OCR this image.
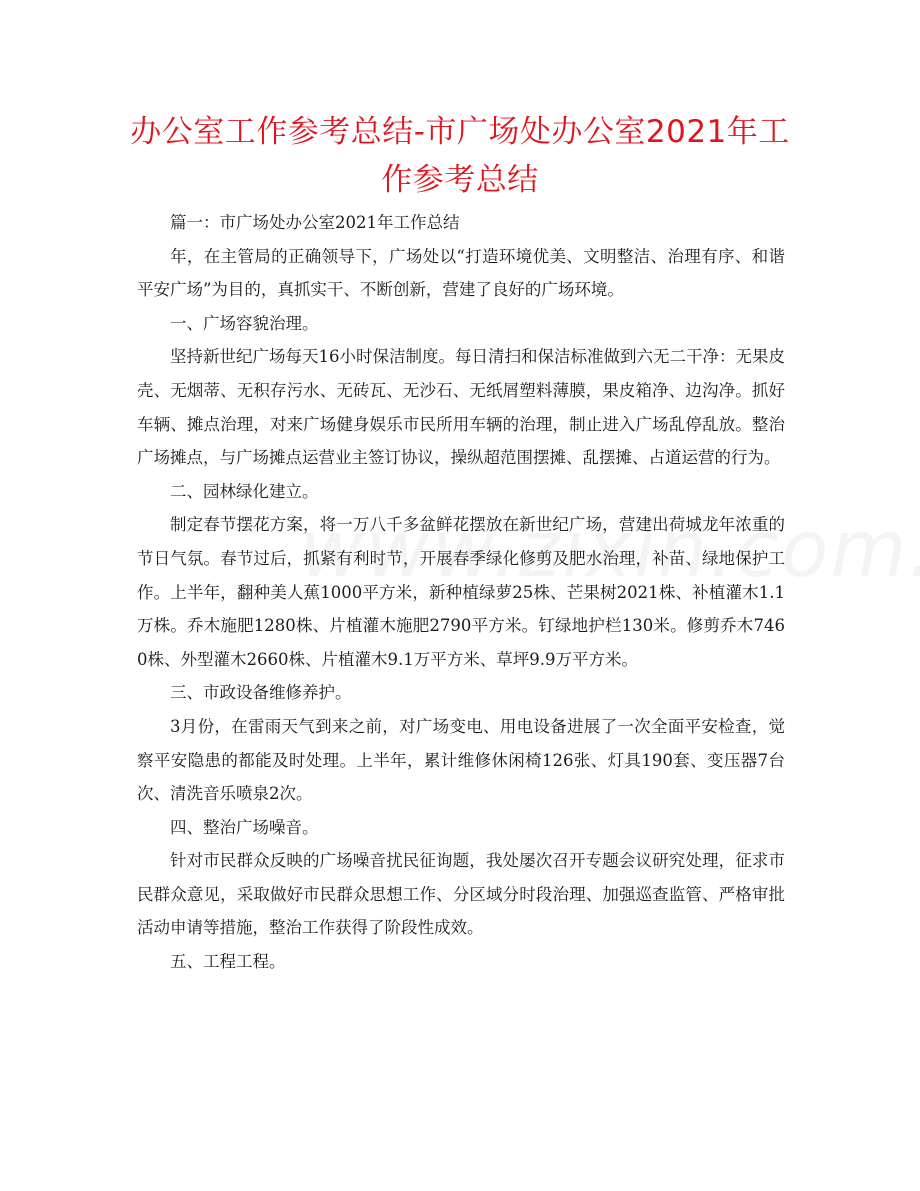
办公室工作参考总结-市广场处办公室2021年工作参考总结

篇一：市广场处办公室2021年工作总结

年，在主管局的正确领导下，广场处以“打造环境优美、文明整洁、治理有序、和谐平安广场”为目的，真抓实干、不断创新，营建了良好的广场环境。

一、广场容貌治理。

坚持新世纪广场每天16小时保洁制度。每日清扫和保洁标准做到六无二干净：无果皮壳、无烟蒂、无积存污水、无砖瓦、无沙石、无纸屑塑料薄膜，果皮箱净、边沟净。抓好车辆、摊点治理，对来广场健身娱乐市民所用车辆的治理，制止进入广场乱停乱放。整治广场摊点，与广场摊点运营业主签订协议，操纵超范围摆摊、乱摆摊、占道运营的行为。

二、园林绿化建立。

制定春节摆花方案，将一万八千多盆鲜花摆放在新世纪广场，营建出荷城龙年浓重的节日气氛。春节过后，抓紧有利时节，开展春季绿化修剪及肥水治理，补苗、绿地保护工作。上半年，翻种美人蕉1000平方米，新种植绿萝25株、芒果树2021株、补植灌木1.1万株。乔木施肥1280株、片植灌木施肥2790平方米。钉绿地护栏130米。修剪乔木7460株、外型灌木2660株、片植灌木9.1万平方米、草坪9.9万平方米。

三、市政设备维修养护。

3月份，在雷雨天气到来之前，对广场变电、用电设备进展了一次全面平安检查，觉察平安隐患的都能及时处理。上半年，累计维修休闲椅126张、灯具190套、变压器7台次、清洗音乐喷泉2次。

四、整治广场噪音。

针对市民群众反映的广场噪音扰民征询题，我处屡次召开专题会议研究处理，征求市民群众意见，采取做好市民群众思想工作、分区域分时段治理、加强巡查监管、严格审批活动申请等措施，整治工作获得了阶段性成效。

五、工程工程。
